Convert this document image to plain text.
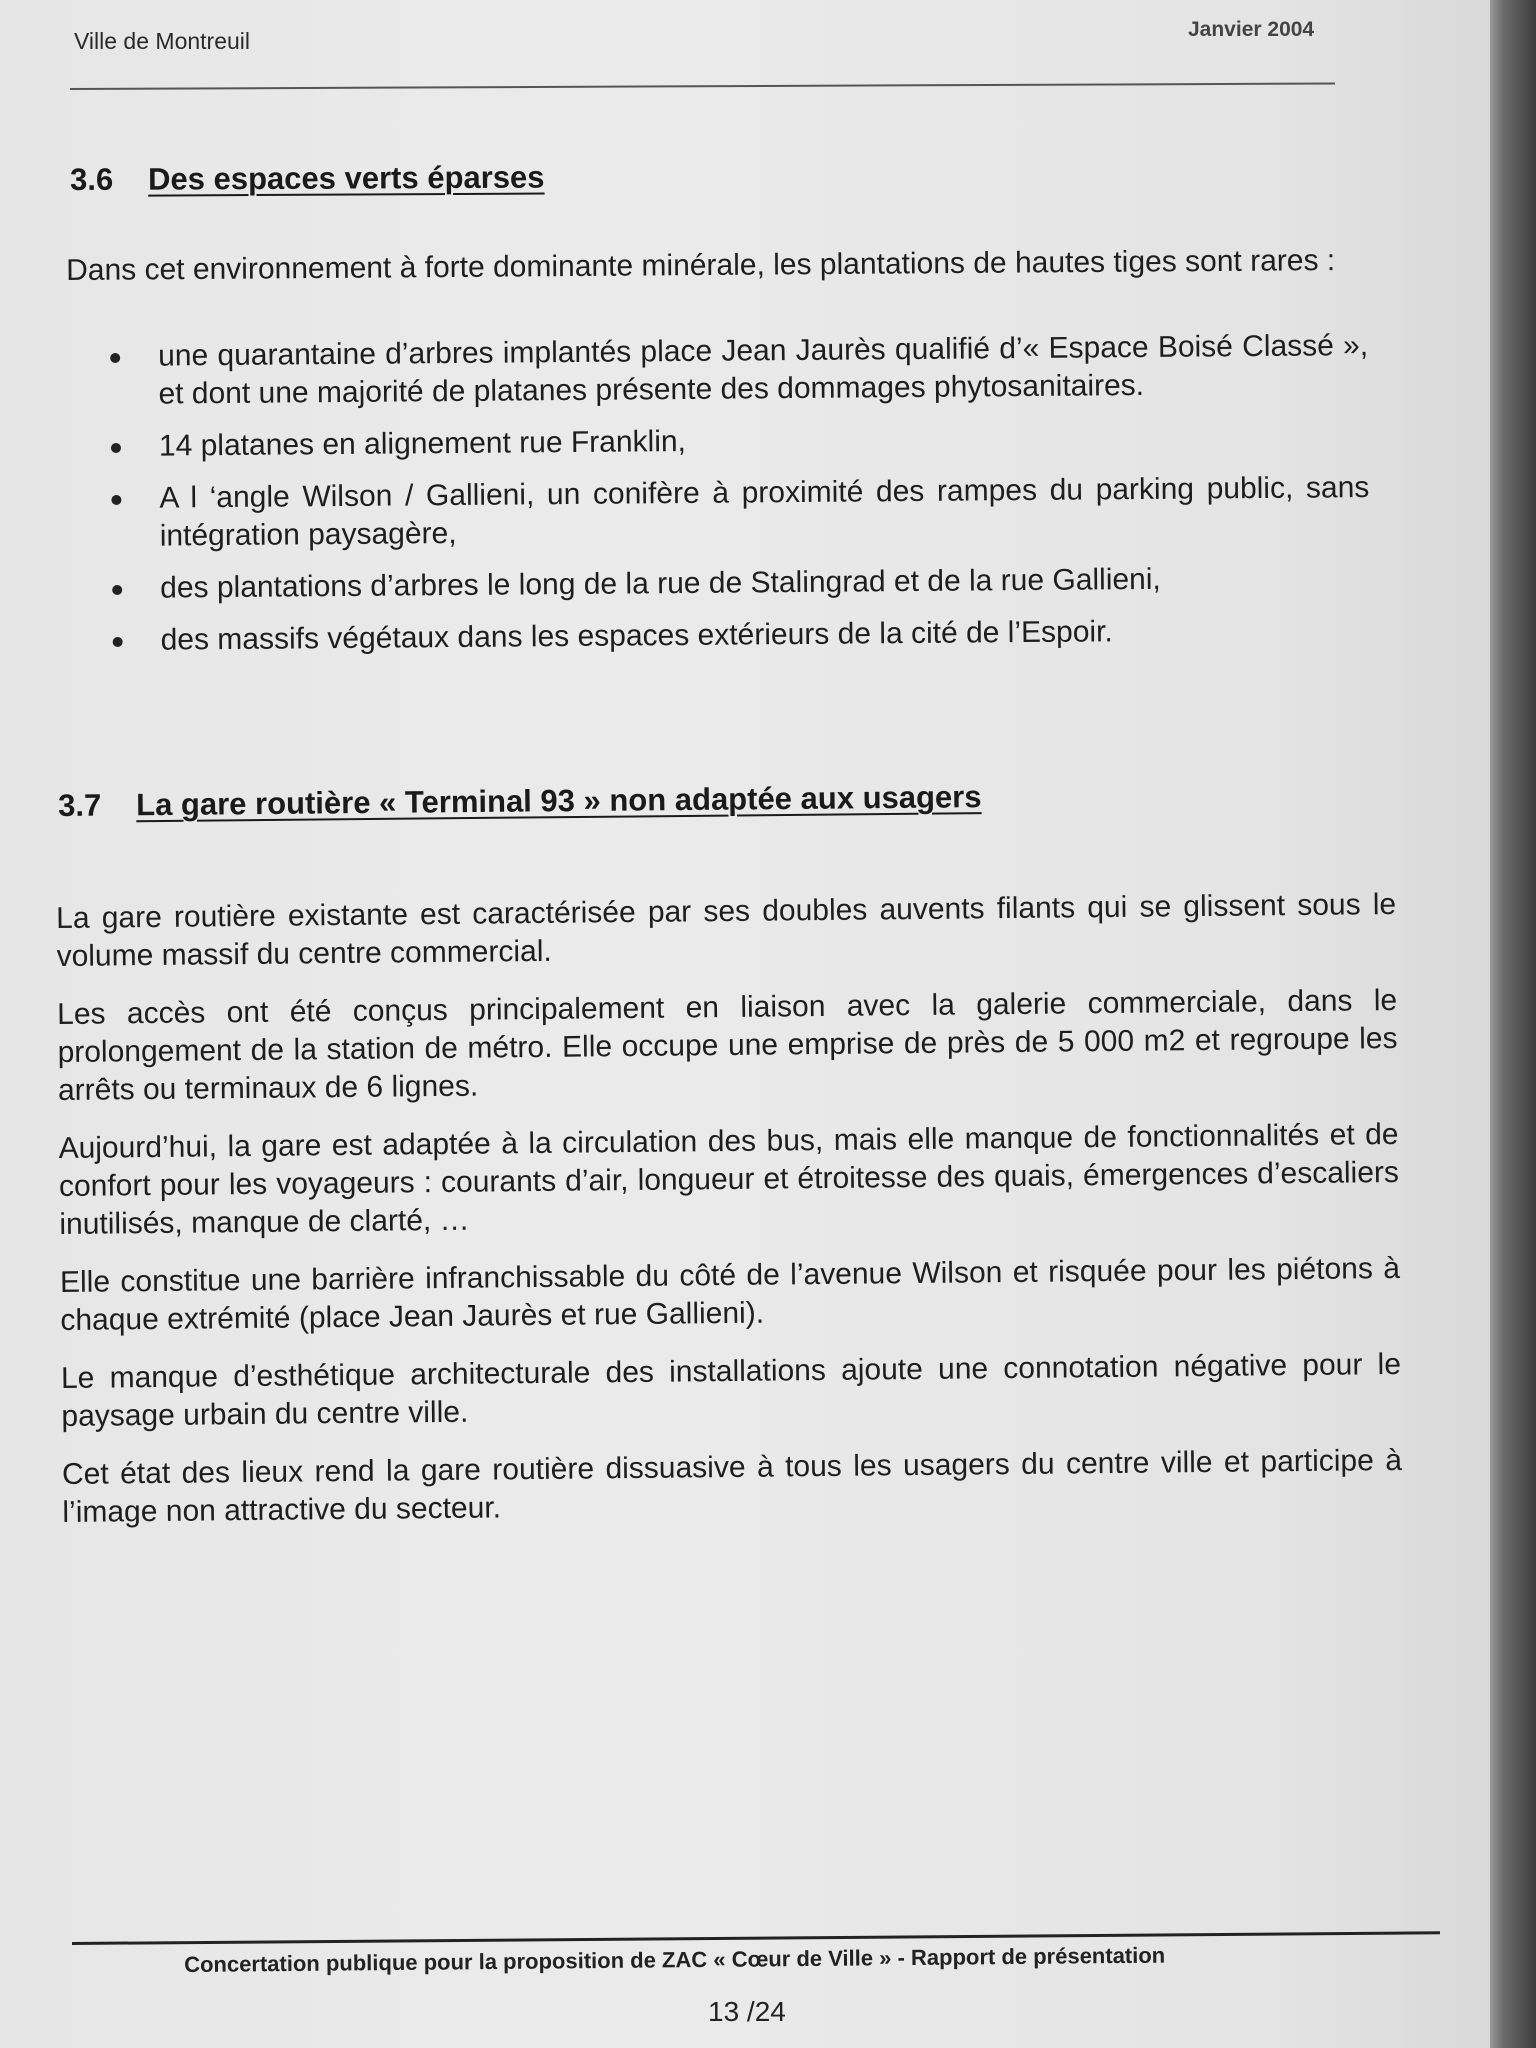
Ville de Montreuil	Janvier 2004
3.6 Des espaces verts éparses

Dans cet environnement à forte dominante minérale, les plantations de hautes tiges sont rares :

une quarantaine d’arbres implantés place Jean Jaurès qualifié d’« Espace Boisé Classé », et dont une majorité de platanes présente des dommages phytosanitaires.
14 platanes en alignement rue Franklin,
A l ‘angle Wilson / Gallieni, un conifère à proximité des rampes du parking public, sans intégration paysagère,
des plantations d’arbres le long de la rue de Stalingrad et de la rue Gallieni,
des massifs végétaux dans les espaces extérieurs de la cité de l’Espoir.
3.7 La gare routière « Terminal 93 » non adaptée aux usagers

La gare routière existante est caractérisée par ses doubles auvents filants qui se glissent sous le volume massif du centre commercial.

Les accès ont été conçus principalement en liaison avec la galerie commerciale, dans le prolongement de la station de métro. Elle occupe une emprise de près de 5 000 m2 et regroupe les arrêts ou terminaux de 6 lignes.

Aujourd’hui, la gare est adaptée à la circulation des bus, mais elle manque de fonctionnalités et de confort pour les voyageurs : courants d’air, longueur et étroitesse des quais, émergences d’escaliers inutilisés, manque de clarté, …

Elle constitue une barrière infranchissable du côté de l’avenue Wilson et risquée pour les piétons à chaque extrémité (place Jean Jaurès et rue Gallieni).

Le manque d’esthétique architecturale des installations ajoute une connotation négative pour le paysage urbain du centre ville.

Cet état des lieux rend la gare routière dissuasive à tous les usagers du centre ville et participe à l’image non attractive du secteur.

Concertation publique pour la proposition de ZAC « Cœur de Ville » - Rapport de présentation
13 /24
